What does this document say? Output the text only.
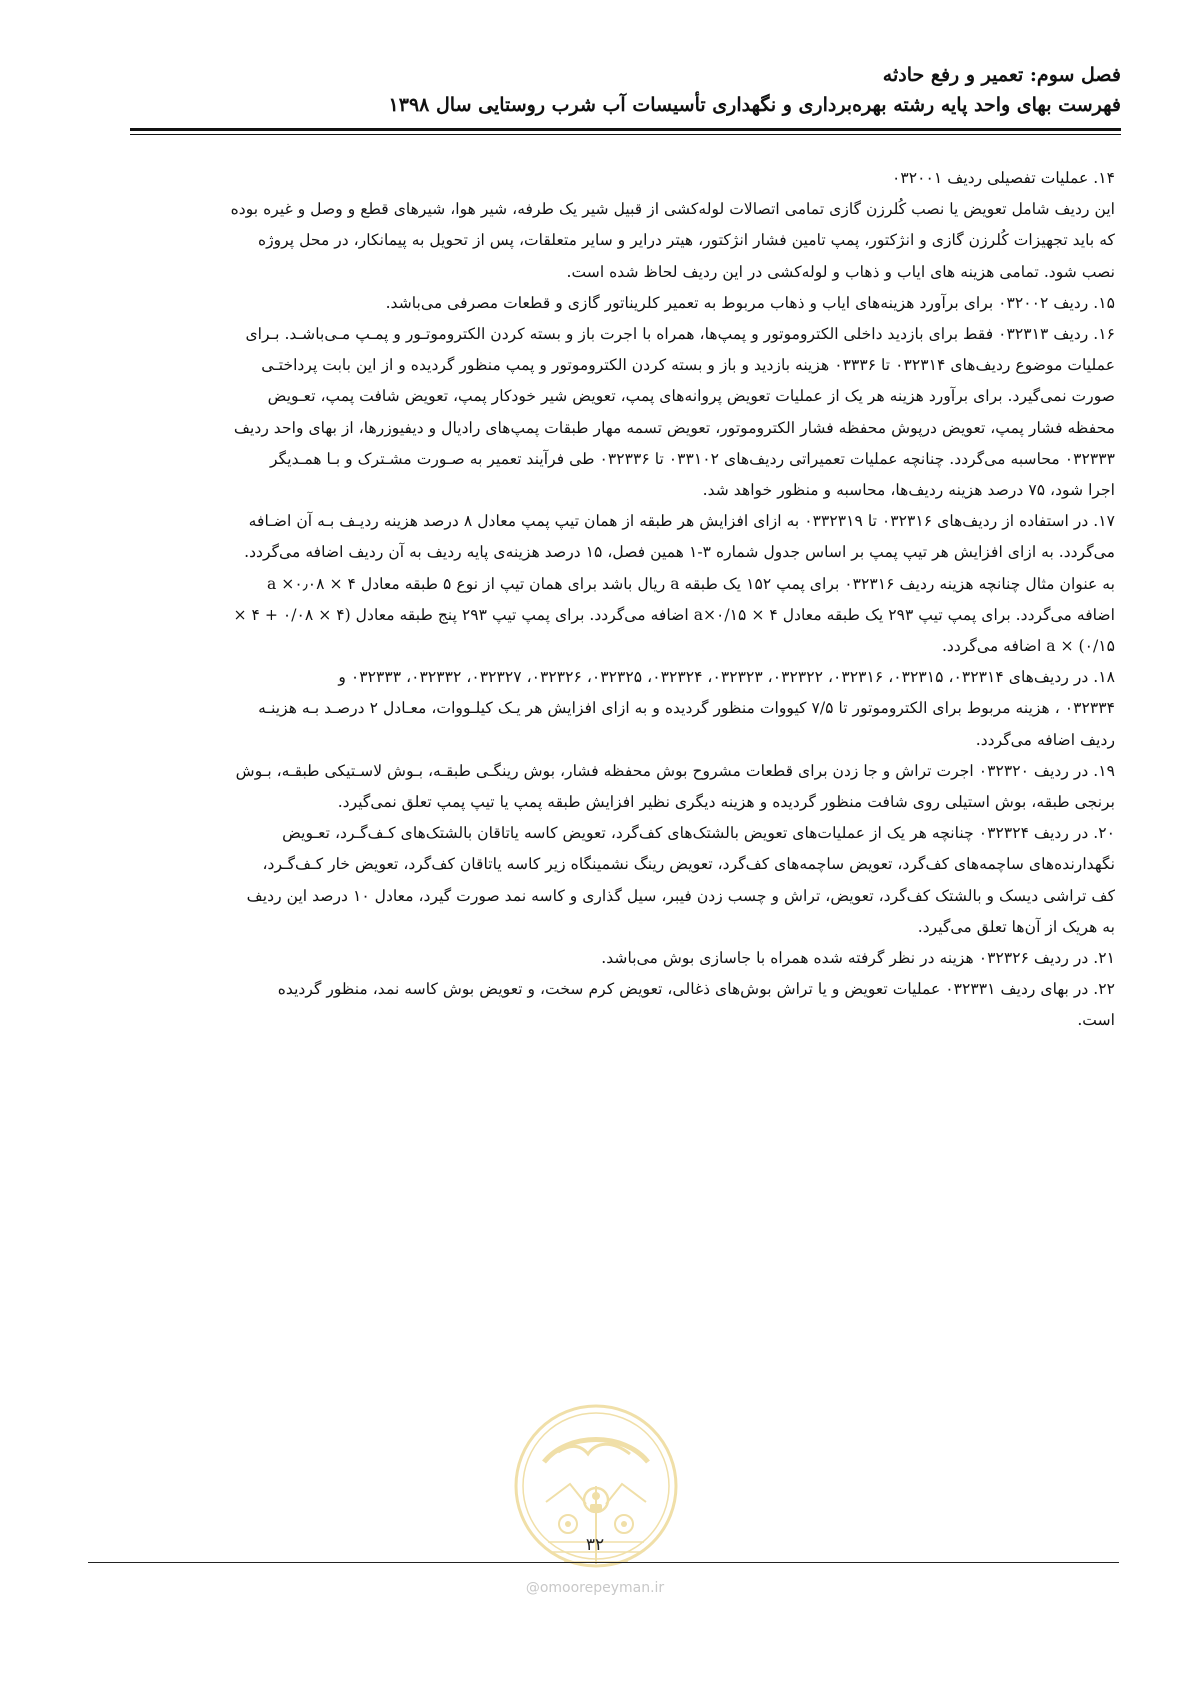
فصل سوم: تعمیر و رفع حادثه
فهرست بهای واحد پایه رشته بهره‌برداری و نگهداری تأسیسات آب شرب روستایی سال ۱۳۹۸

۱۴. عملیات تفصیلی ردیف ۰۳۲۰۰۱

این ردیف شامل تعویض یا نصب کُلرزن گازی تمامی اتصالات لوله‌کشی از قبیل شیر یک طرفه، شیر هوا، شیرهای قطع و وصل و غیره بوده

که باید تجهیزات کُلرزن گازی و انژکتور، پمپ تامین فشار انژکتور، هیتر درایر و سایر متعلقات، پس از تحویل به پیمانکار، در محل پروژه

نصب شود. تمامی هزینه های ایاب و ذهاب و لوله‌کشی در این ردیف لحاظ شده است.

۱۵. ردیف ۰۳۲۰۰۲ برای برآورد هزینه‌های ایاب و ذهاب مربوط به تعمیر کلریناتور گازی و قطعات مصرفی می‌باشد.

۱۶. ردیف ۰۳۲۳۱۳ فقط برای بازدید داخلی الکتروموتور و پمپ‌ها، همراه با اجرت باز و بسته کردن الکتروموتـور و پمـپ مـی‌باشـد. بـرای

عملیات موضوع ردیف‌های ۰۳۲۳۱۴ تا ۰۳۳۳۶ هزینه بازدید و باز و بسته کردن الکتروموتور و پمپ منظور گردیده و از این بابت پرداختـی

صورت نمی‌گیرد. برای برآورد هزینه هر یک از عملیات تعویض پروانه‌های پمپ، تعویض شیر خودکار پمپ، تعویض شافت پمپ، تعـویض

محفظه فشار پمپ، تعویض درپوش محفظه فشار الکتروموتور، تعویض تسمه مهار طبقات پمپ‌های رادیال و دیفیوزرها، از بهای واحد ردیف

۰۳۲۳۳۳ محاسبه می‌گردد. چنانچه عملیات تعمیراتی ردیف‌های ۰۳۳۱۰۲ تا ۰۳۲۳۳۶ طی فرآیند تعمیر به صـورت مشـترک و بـا همـدیگر

اجرا شود، ۷۵ درصد هزینه ردیف‌ها، محاسبه و منظور خواهد شد.

۱۷. در استفاده از ردیف‌های ۰۳۲۳۱۶ تا ۰۳۳۲۳۱۹ به ازای افزایش هر طبقه از همان تیپ پمپ معادل ۸ درصد هزینه ردیـف بـه آن اضـافه

می‌گردد. به ازای افزایش هر تیپ پمپ بر اساس جدول شماره ۳-۱ همین فصل، ۱۵ درصد هزینه‌ی پایه ردیف به آن ردیف اضافه می‌گردد.

به عنوان مثال چنانچه هزینه ردیف ۰۳۲۳۱۶ برای پمپ ۱۵۲ یک طبقه a ریال باشد برای همان تیپ از نوع ۵ طبقه معادل ۴ × ۰٫۰۸× a

اضافه می‌گردد. برای پمپ تیپ ۲۹۳ یک طبقه معادل ۴ × a×۰/۱۵ اضافه می‌گردد. برای پمپ تیپ ۲۹۳ پنج طبقه معادل (۴ × ۰/۰۸ + ۴ ×

۰/۱۵) × a اضافه می‌گردد.

۱۸. در ردیف‌های ۰۳۲۳۱۴، ۰۳۲۳۱۵، ۰۳۲۳۱۶، ۰۳۲۳۲۲، ۰۳۲۳۲۳، ۰۳۲۳۲۴، ۰۳۲۳۲۵، ۰۳۲۳۲۶، ۰۳۲۳۲۷، ۰۳۲۳۳۲، ۰۳۲۳۳۳ و

۰۳۲۳۳۴ ، هزینه مربوط برای الکتروموتور تا ۷/۵ کیووات منظور گردیده و به ازای افزایش هر یـک کیلـووات، معـادل ۲ درصـد بـه هزینـه

ردیف اضافه می‌گردد.

۱۹. در ردیف ۰۳۲۳۲۰ اجرت تراش و جا زدن برای قطعات مشروح بوش محفظه فشار، بوش رینگـی طبقـه، بـوش لاسـتیکی طبقـه، بـوش

برنجی طبقه، بوش استیلی روی شافت منظور گردیده و هزینه دیگری نظیر افزایش طبقه پمپ یا تیپ پمپ تعلق نمی‌گیرد.

۲۰. در ردیف ۰۳۲۳۲۴ چنانچه هر یک از عملیات‌های تعویض بالشتک‌های کف‌گرد، تعویض کاسه یاتاقان بالشتک‌های کـف‌گـرد، تعـویض

نگهدارنده‌های ساچمه‌های کف‌گرد، تعویض ساچمه‌های کف‌گرد، تعویض رینگ نشمینگاه زیر کاسه یاتاقان کف‌گرد، تعویض خار کـف‌گـرد،

کف تراشی دیسک و بالشتک کف‌گرد، تعویض، تراش و چسب زدن فیبر، سیل گذاری و کاسه نمد صورت گیرد، معادل ۱۰ درصد این ردیف

به هریک از آن‌ها تعلق می‌گیرد.

۲۱. در ردیف ۰۳۲۳۲۶ هزینه در نظر گرفته شده همراه با جاسازی بوش می‌باشد.

۲۲. در بهای ردیف ۰۳۲۳۳۱ عملیات تعویض و یا تراش بوش‌های ذغالی، تعویض کرم سخت، و تعویض بوش کاسه نمد، منظور گردیده

است.

۳۲
@omoorepeyman.ir
